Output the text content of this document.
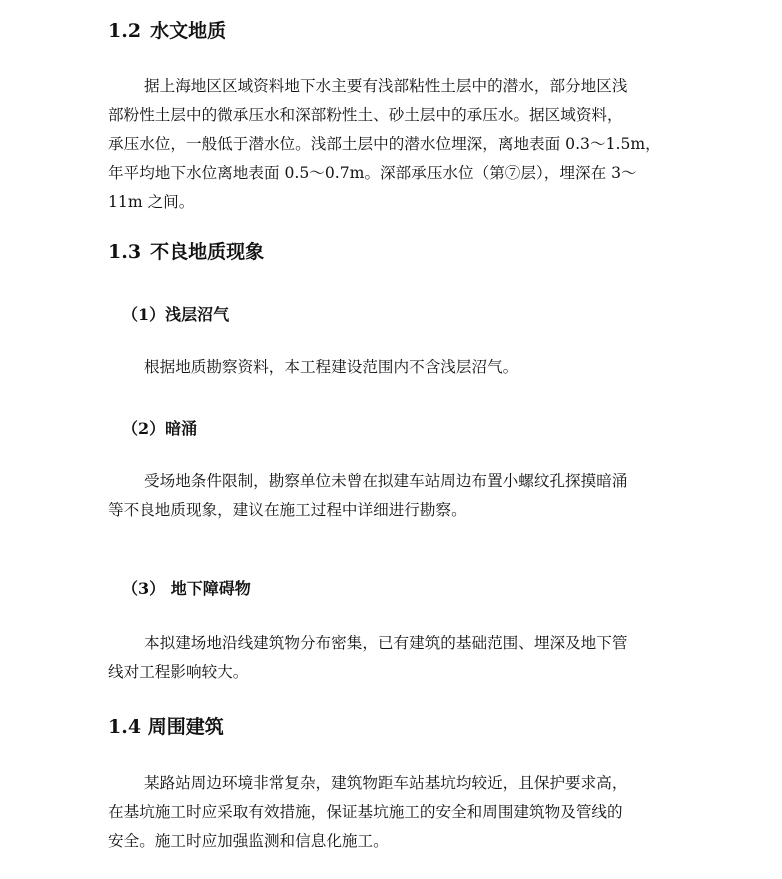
1.2 水文地质
据上海地区区域资料地下水主要有浅部粘性土层中的潜水，部分地区浅
部粉性土层中的微承压水和深部粉性土、砂土层中的承压水。据区域资料，
承压水位，一般低于潜水位。浅部土层中的潜水位埋深，离地表面 0.3～1.5m，
年平均地下水位离地表面 0.5～0.7m。深部承压水位（第⑦层），埋深在 3～
11m 之间。
1.3 不良地质现象
（1）浅层沼气
根据地质勘察资料，本工程建设范围内不含浅层沼气。
（2）暗涌
受场地条件限制，勘察单位未曾在拟建车站周边布置小螺纹孔探摸暗涌
等不良地质现象，建议在施工过程中详细进行勘察。
（3） 地下障碍物
本拟建场地沿线建筑物分布密集，已有建筑的基础范围、埋深及地下管
线对工程影响较大。
1.4 周围建筑
某路站周边环境非常复杂，建筑物距车站基坑均较近，且保护要求高，
在基坑施工时应采取有效措施，保证基坑施工的安全和周围建筑物及管线的
安全。施工时应加强监测和信息化施工。
